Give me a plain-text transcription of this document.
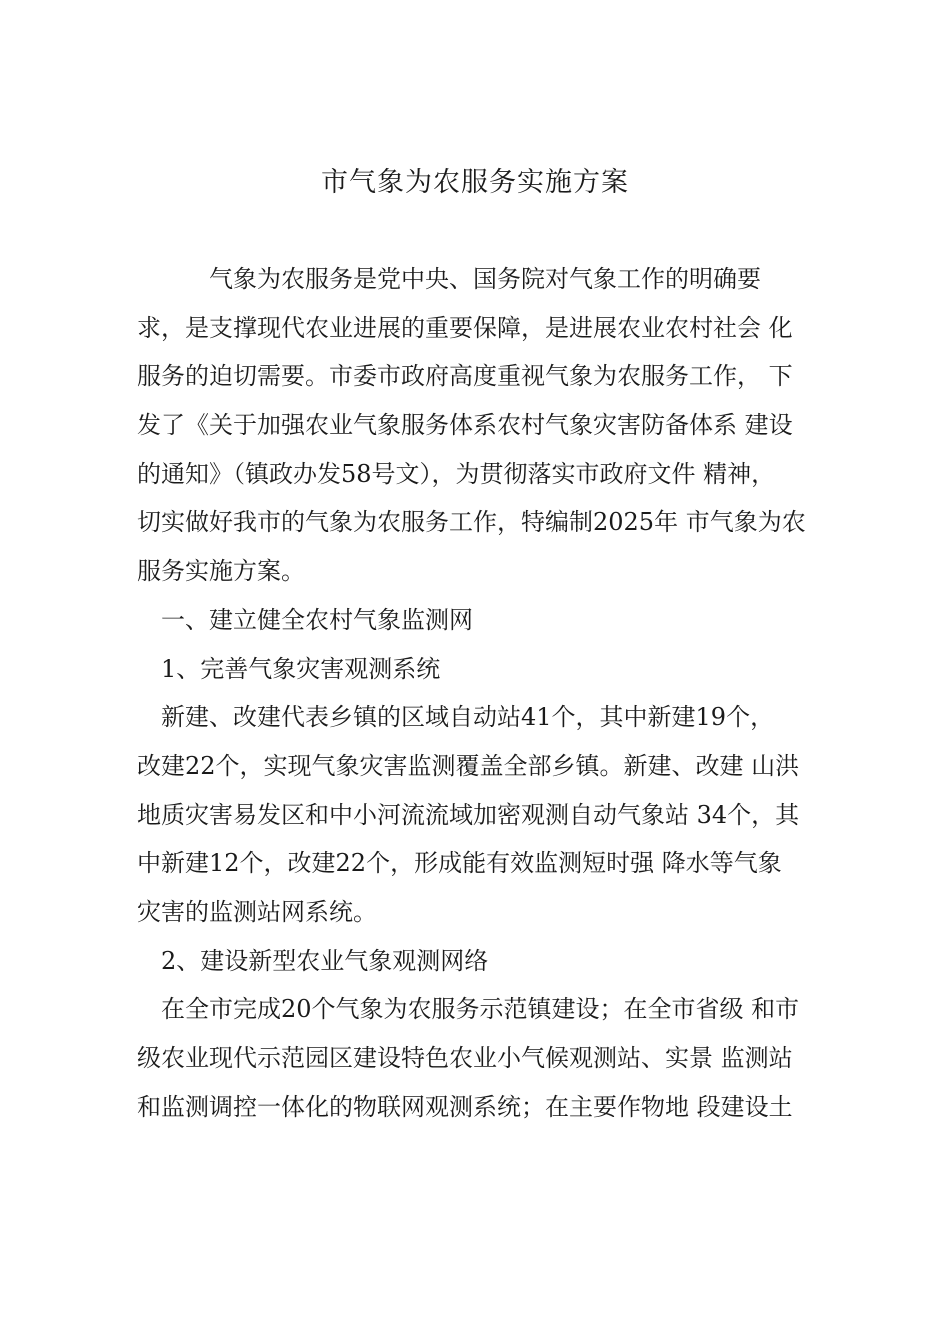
市气象为农服务实施方案
气象为农服务是党中央、国务院对气象工作的明确要
求，是支撑现代农业进展的重要保障，是进展农业农村社会 化
服务的迫切需要。市委市政府高度重视气象为农服务工作， 下
发了《关于加强农业气象服务体系农村气象灾害防备体系 建设
的通知》（镇政办发58号文），为贯彻落实市政府文件 精神，
切实做好我市的气象为农服务工作，特编制2025年 市气象为农
服务实施方案。
一、建立健全农村气象监测网
1、完善气象灾害观测系统
新建、改建代表乡镇的区域自动站41个，其中新建19个，
改建22个，实现气象灾害监测覆盖全部乡镇。新建、改建 山洪
地质灾害易发区和中小河流流域加密观测自动气象站 34个，其
中新建12个，改建22个，形成能有效监测短时强 降水等气象
灾害的监测站网系统。
2、建设新型农业气象观测网络
在全市完成20个气象为农服务示范镇建设；在全市省级 和市
级农业现代示范园区建设特色农业小气候观测站、实景 监测站
和监测调控一体化的物联网观测系统；在主要作物地 段建设土
